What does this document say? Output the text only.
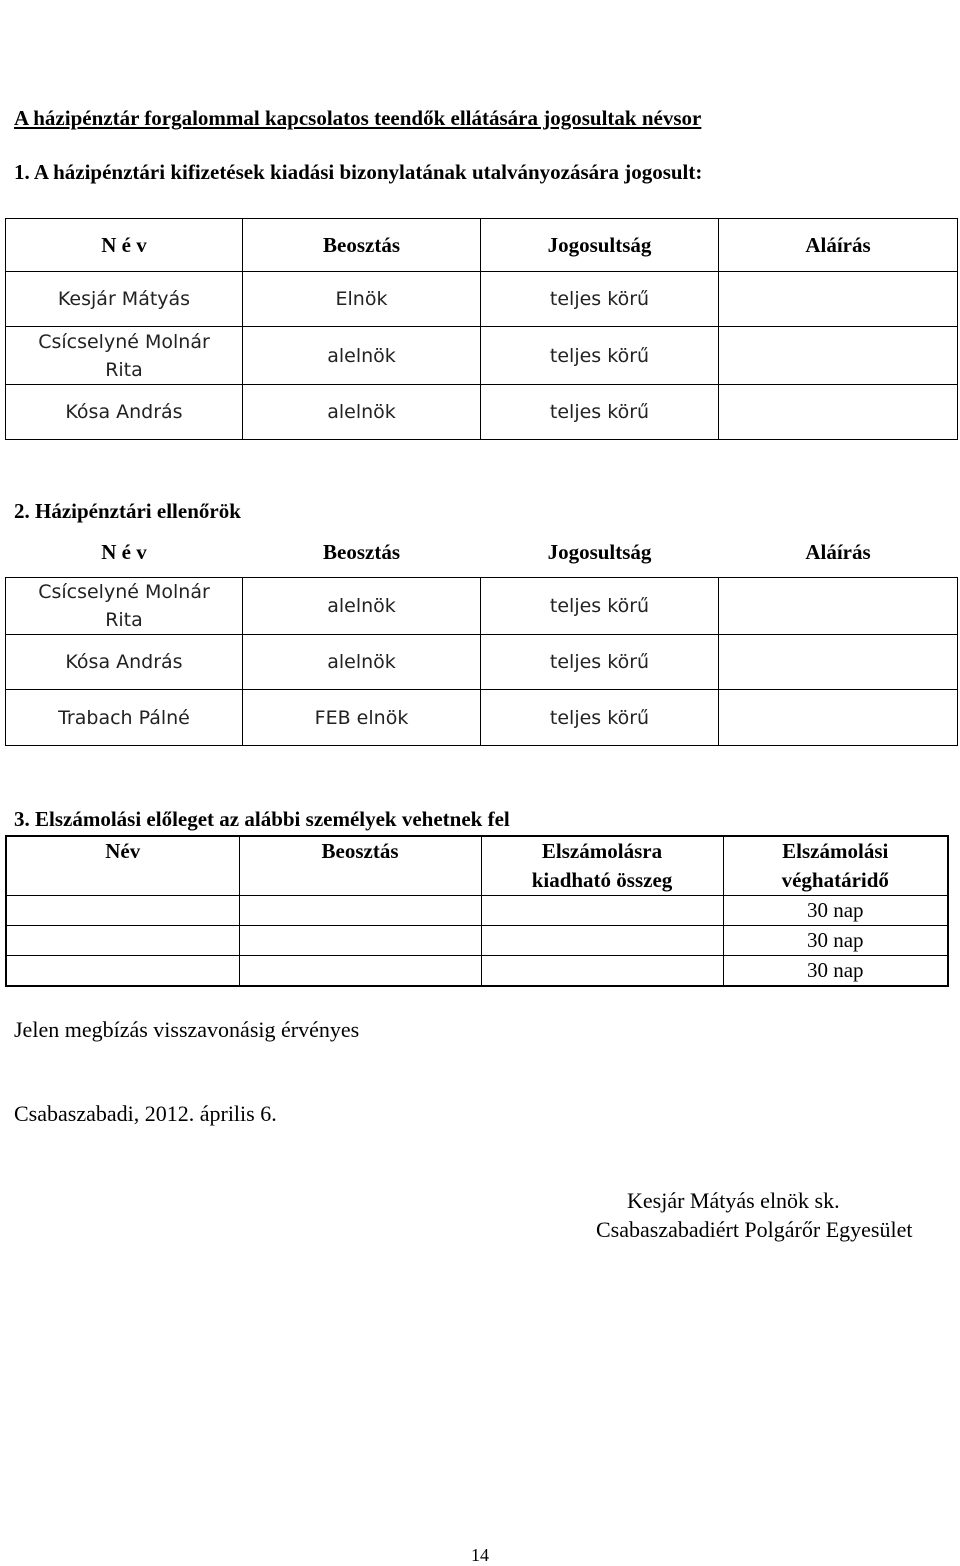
A házipénztár forgalommal kapcsolatos teendők ellátására jogosultak névsor
1. A házipénztári kifizetések kiadási bizonylatának utalványozására jogosult:
N é v	Beosztás	Jogosultság	Aláírás
Kesjár Mátyás	Elnök	teljes körű	
Csícselyné Molnár Rita	alelnök	teljes körű	
Kósa András	alelnök	teljes körű	
2. Házipénztári ellenőrök
N é v	Beosztás	Jogosultság	Aláírás
Csícselyné Molnár Rita	alelnök	teljes körű	
Kósa András	alelnök	teljes körű	
Trabach Pálné	FEB elnök	teljes körű	
3. Elszámolási előleget az alábbi személyek vehetnek fel
Név	Beosztás	Elszámolásra kiadható összeg	Elszámolási véghatáridő
			30 nap
			30 nap
			30 nap
Jelen megbízás visszavonásig érvényes
Csabaszabadi, 2012. április 6.
Kesjár Mátyás elnök sk.
Csabaszabadiért Polgárőr Egyesület
14
